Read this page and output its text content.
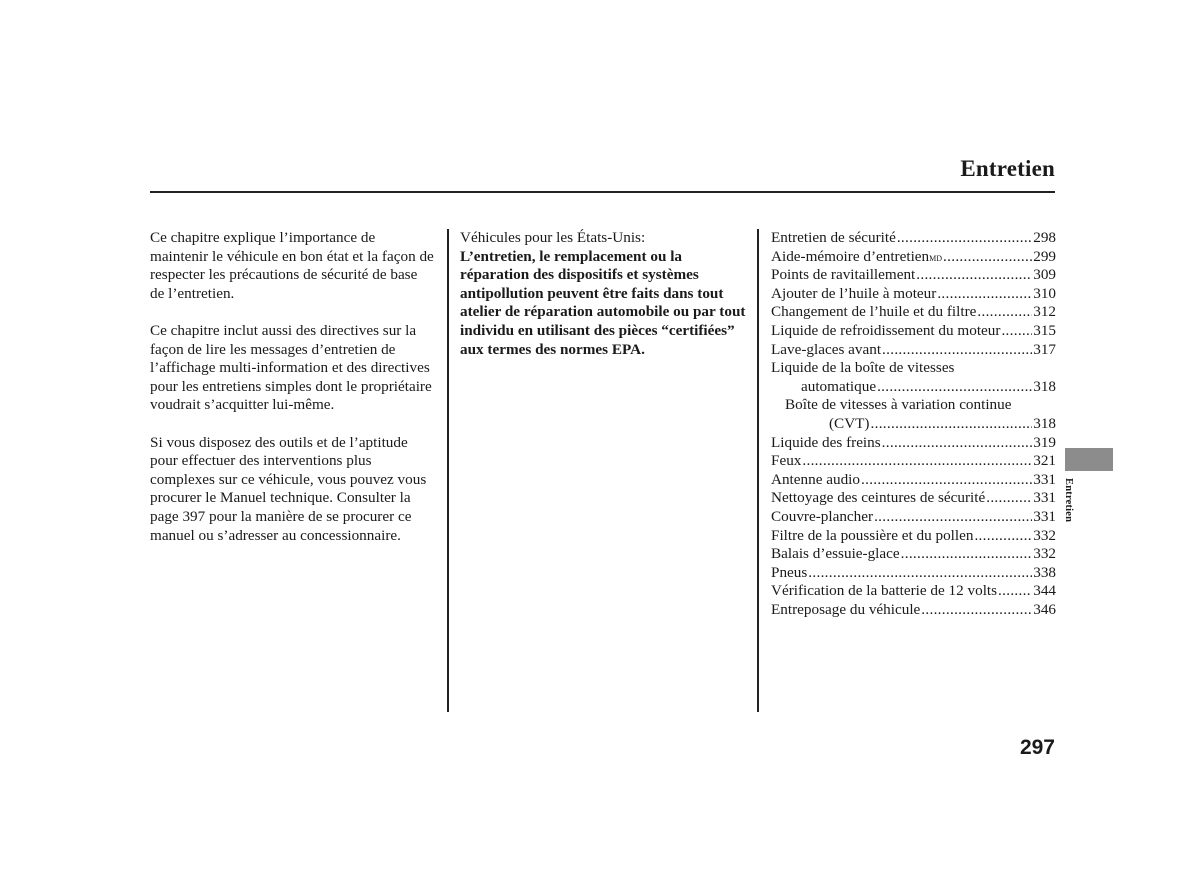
Entretien

Ce chapitre explique l’importance de maintenir le véhicule en bon état et la façon de respecter les précautions de sécurité de base de l’entretien.

Ce chapitre inclut aussi des directives sur la façon de lire les messages d’entretien de l’affichage multi-information et des directives pour les entretiens simples dont le propriétaire voudrait s’acquitter lui-même.

Si vous disposez des outils et de l’aptitude pour effectuer des interventions plus complexes sur ce véhicule, vous pouvez vous procurer le Manuel technique. Consulter la page 397 pour la manière de se procurer ce manuel ou s’adresser au concessionnaire.

Véhicules pour les États-Unis:
L’entretien, le remplacement ou la réparation des dispositifs et systèmes antipollution peuvent être faits dans tout atelier de réparation automobile ou par tout individu en utilisant des pièces “certifiées” aux termes des normes EPA.
Entretien de sécurité .....	298
Aide-mémoire d’entretien MD .....	299
Points de ravitaillement .....	309
Ajouter de l’huile à moteur .....	310
Changement de l’huile et du filtre .....	312
Liquide de refroidissement du moteur ..... 315
Lave-glaces avant .....	317
Liquide de la boîte de vitesses
automatique .....	318
Boîte de vitesses à variation continue
(CVT) .....	318
Liquide des freins .....	319
Feux .....	321
Antenne audio .....	331
Nettoyage des ceintures de sécurité .....	331
Couvre-plancher .....	331
Filtre de la poussière et du pollen .....	332
Balais d’essuie-glace .....	332
Pneus .....	338
Vérification de la batterie de 12 volts ..... 344
Entreposage du véhicule .....	346
Entretien
297
